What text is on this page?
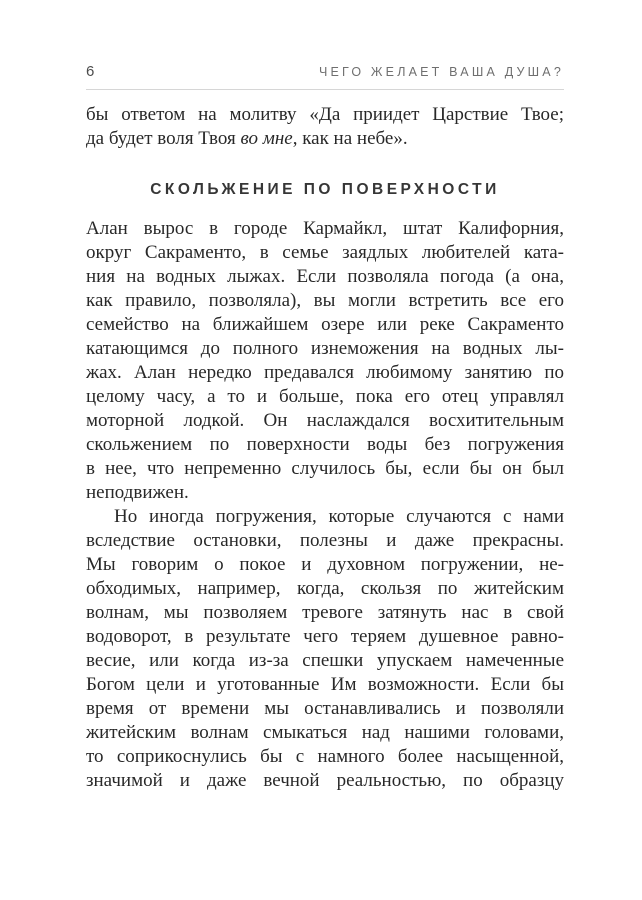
6	ЧЕГО ЖЕЛАЕТ ВАША ДУША?
бы ответом на молитву «Да приидет Царствие Твое;
да будет воля Твоя во мне, как на небе».
СКОЛЬЖЕНИЕ ПО ПОВЕРХНОСТИ
Алан вырос в городе Кармайкл, штат Калифорния,
округ Сакраменто, в семье заядлых любителей ката-
ния на водных лыжах. Если позволяла погода (а она,
как правило, позволяла), вы могли встретить все его
семейство на ближайшем озере или реке Сакраменто
катающимся до полного изнеможения на водных лы-
жах. Алан нередко предавался любимому занятию по
целому часу, а то и больше, пока его отец управлял
моторной лодкой. Он наслаждался восхитительным
скольжением по поверхности воды без погружения
в нее, что непременно случилось бы, если бы он был
неподвижен.
Но иногда погружения, которые случаются с нами
вследствие остановки, полезны и даже прекрасны.
Мы говорим о покое и духовном погружении, не-
обходимых, например, когда, скользя по житейским
волнам, мы позволяем тревоге затянуть нас в свой
водоворот, в результате чего теряем душевное равно-
весие, или когда из-за спешки упускаем намеченные
Богом цели и уготованные Им возможности. Если бы
время от времени мы останавливались и позволяли
житейским волнам смыкаться над нашими головами,
то соприкоснулись бы с намного более насыщенной,
значимой и даже вечной реальностью, по образцу
